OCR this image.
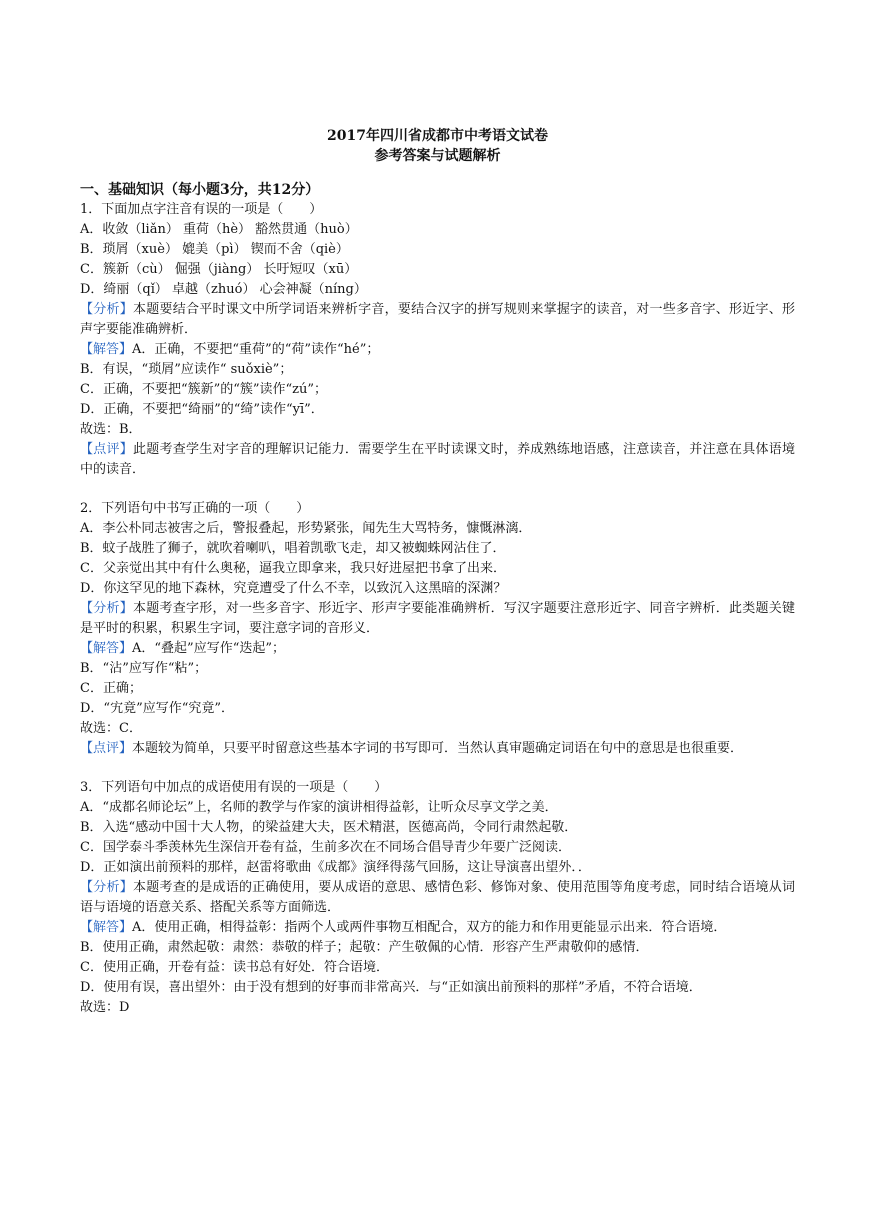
2017年四川省成都市中考语文试卷
参考答案与试题解析
一、基础知识（每小题3分，共12分）

1．下面加点字注音有误的一项是（　　）

A．收敛（liǎn） 重荷（hè） 豁然贯通（huò）

B．琐屑（xuè） 媲美（pì） 锲而不舍（qiè）

C．簇新（cù） 倔强（jiàng） 长吁短叹（xū）

D．绮丽（qǐ） 卓越（zhuó） 心会神凝（níng）

【分析】本题要结合平时课文中所学词语来辨析字音，要结合汉字的拼写规则来掌握字的读音，对一些多音字、形近字、形声字要能准确辨析．
【解答】A．正确，不要把“重荷”的“荷”读作“hé”；

B．有误，“琐屑”应读作“ suǒxiè”；

C．正确，不要把“簇新”的“簇”读作“zú”；

D．正确，不要把“绮丽”的“绮”读作“yī”．

故选：B．

【点评】此题考查学生对字音的理解识记能力．需要学生在平时读课文时，养成熟练地语感，注意读音，并注意在具体语境中的读音．

2．下列语句中书写正确的一项（　　）

A．李公朴同志被害之后，警报叠起，形势紧张，闻先生大骂特务，慷慨淋漓．

B．蚊子战胜了狮子，就吹着喇叭，唱着凯歌飞走，却又被蜘蛛网沾住了．

C．父亲觉出其中有什么奥秘，逼我立即拿来，我只好进屋把书拿了出来．

D．你这罕见的地下森林，究竟遭受了什么不幸，以致沉入这黑暗的深渊？

【分析】本题考查字形，对一些多音字、形近字、形声字要能准确辨析．写汉字题要注意形近字、同音字辨析．此类题关键是平时的积累，积累生字词，要注意字词的音形义．
【解答】A．“叠起”应写作“迭起”；

B．“沾”应写作“粘”；

C．正确；

D．“宄竟”应写作“究竟”．

故选：C．

【点评】本题较为简单，只要平时留意这些基本字词的书写即可．当然认真审题确定词语在句中的意思是也很重要．

3．下列语句中加点的成语使用有误的一项是（　　）

A．“成都名师论坛”上，名师的教学与作家的演讲相得益彰，让听众尽享文学之美．

B．入选“感动中国十大人物，的梁益建大夫，医术精湛，医德高尚，令同行肃然起敬．

C．国学泰斗季羡林先生深信开卷有益，生前多次在不同场合倡导青少年要广泛阅读．

D．正如演出前预料的那样，赵雷将歌曲《成都》演绎得荡气回肠，这让导演喜出望外．．

【分析】本题考查的是成语的正确使用，要从成语的意思、感情色彩、修饰对象、使用范围等角度考虑，同时结合语境从词语与语境的语意关系、搭配关系等方面筛选．
【解答】A．使用正确，相得益彰：指两个人或两件事物互相配合，双方的能力和作用更能显示出来．符合语境．

B．使用正确，肃然起敬：肃然：恭敬的样子；起敬：产生敬佩的心情．形容产生严肃敬仰的感情．

C．使用正确，开卷有益：读书总有好处．符合语境．

D．使用有误，喜出望外：由于没有想到的好事而非常高兴．与“正如演出前预料的那样”矛盾，不符合语境．

故选：D
